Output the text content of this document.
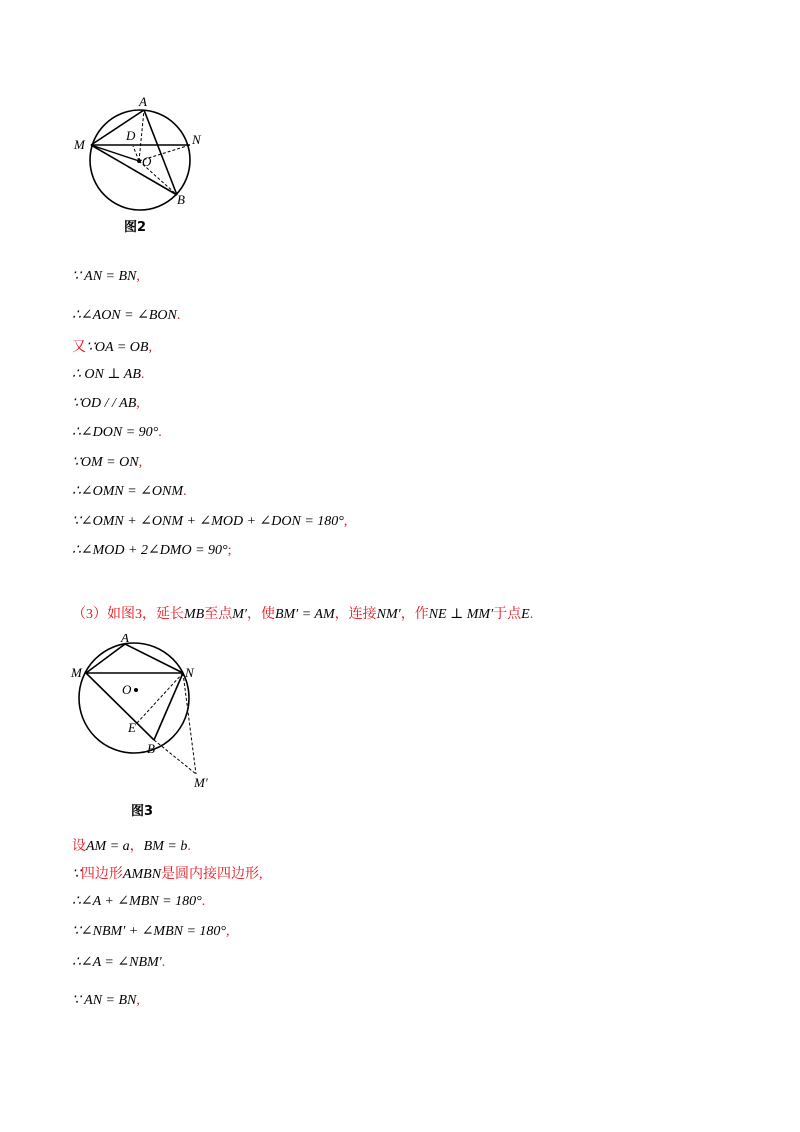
A
M	N
D
O
B
图2
∵ AN = BN,
∴∠AON = ∠BON.
又∵OA = OB,
∴ ON ⊥ AB.
∵OD / / AB,
∴∠DON = 90°.
∵OM = ON,
∴∠OMN = ∠ONM.
∵∠OMN + ∠ONM + ∠MOD + ∠DON = 180°,
∴∠MOD + 2∠DMO = 90°;
（3）如图3，延长MB至点M′，使BM′ = AM，连接NM′，作NE ⊥ MM′于点E.
A
M	N
O
E
B
M′
图3
设AM = a，BM = b.
∵四边形AMBN是圆内接四边形,
∴∠A + ∠MBN = 180°.
∵∠NBM′ + ∠MBN = 180°,
∴∠A = ∠NBM′.
∵ AN = BN,
